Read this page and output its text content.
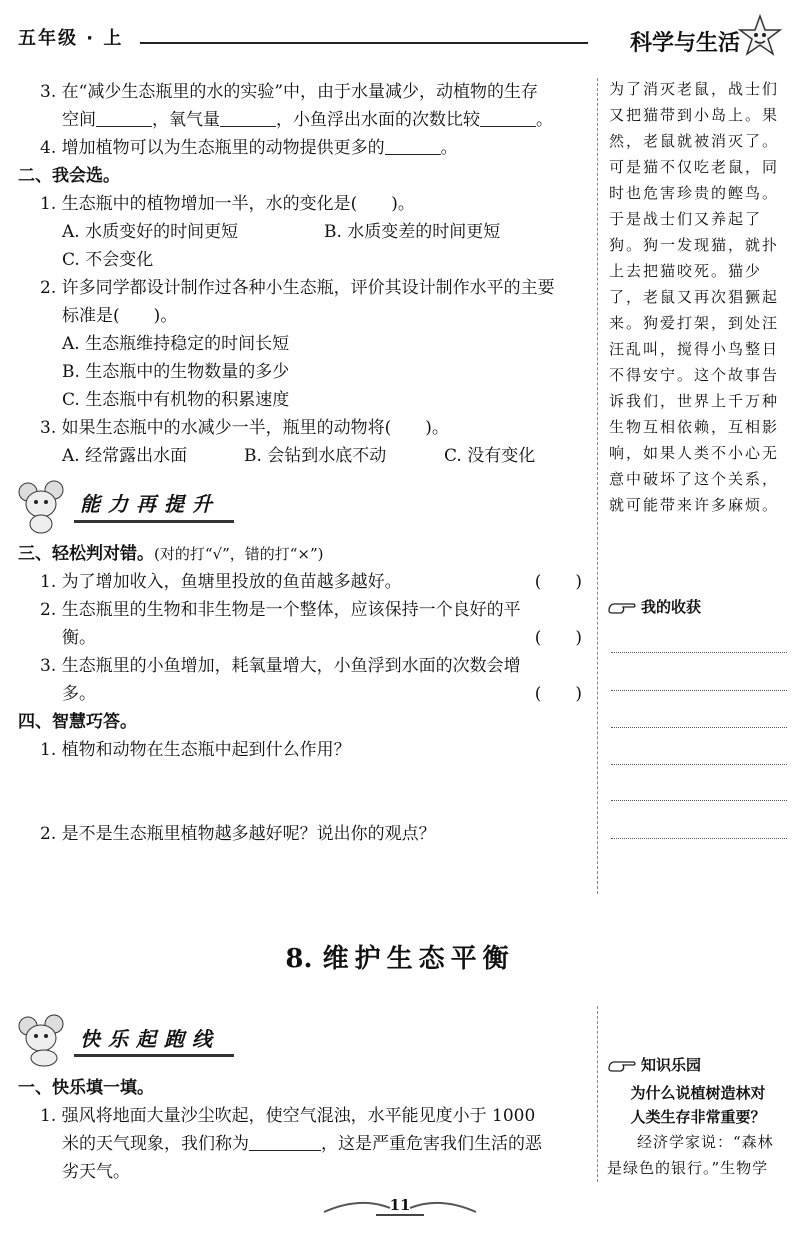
五年级 · 上	科学与生活

3. 在“减少生态瓶里的水的实验”中，由于水量减少，动植物的生存

空间	，氧气量	，小鱼浮出水面的次数比较	。

4. 增加植物可以为生态瓶里的动物提供更多的	。

二、我会选。

1. 生态瓶中的植物增加一半，水的变化是(　　)。

A. 水质变好的时间更短	B. 水质变差的时间更短
C. 不会变化

2. 许多同学都设计制作过各种小生态瓶，评价其设计制作水平的主要

标准是(　　)。

A. 生态瓶维持稳定的时间长短

B. 生态瓶中的生物数量的多少

C. 生态瓶中有机物的积累速度

3. 如果生态瓶中的水减少一半，瓶里的动物将(　　)。

A. 经常露出水面	B. 会钻到水底不动	C. 没有变化
能力再提升

三、轻松判对错。(对的打“√”，错的打“×”)

1. 为了增加收入，鱼塘里投放的鱼苗越多越好。	(　　)

2. 生态瓶里的生物和非生物是一个整体，应该保持一个良好的平

衡。	(　　)

3. 生态瓶里的小鱼增加，耗氧量增大，小鱼浮到水面的次数会增

多。	(　　)

四、智慧巧答。

1. 植物和动物在生态瓶中起到什么作用？

2. 是不是生态瓶里植物越多越好呢？说出你的观点？

为了消灭老鼠，战士们

又把猫带到小岛上。果

然，老鼠就被消灭了。

可是猫不仅吃老鼠，同

时也危害珍贵的鲣鸟。

于是战士们又养起了

狗。狗一发现猫，就扑

上去把猫咬死。猫少

了，老鼠又再次猖獗起

来。狗爱打架，到处汪

汪乱叫，搅得小鸟整日

不得安宁。这个故事告

诉我们，世界上千万种

生物互相依赖，互相影

响，如果人类不小心无

意中破坏了这个关系，

就可能带来许多麻烦。

我的收获
8. 维护生态平衡
快乐起跑线

一、快乐填一填。

1. 强风将地面大量沙尘吹起，使空气混浊，水平能见度小于 1000

米的天气现象，我们称为	，这是严重危害我们生活的恶

劣天气。

知识乐园
为什么说植树造林对
人类生存非常重要？
经济学家说：“森林
是绿色的银行。”生物学
11
